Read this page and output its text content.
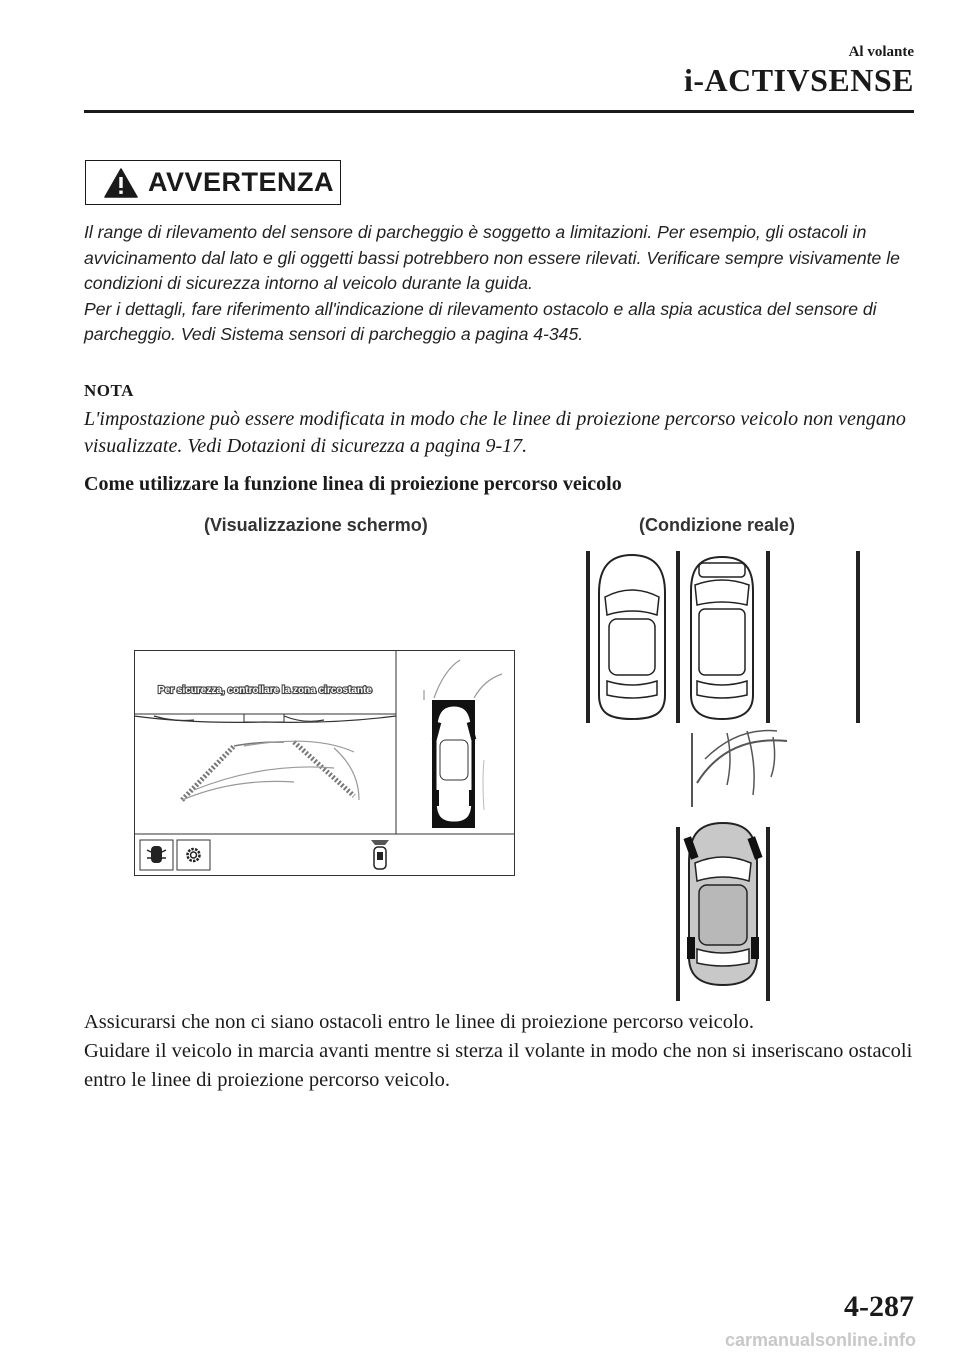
Al volante
i-ACTIVSENSE
AVVERTENZA

Il range di rilevamento del sensore di parcheggio è soggetto a limitazioni. Per esempio, gli ostacoli in avvicinamento dal lato e gli oggetti bassi potrebbero non essere rilevati. Verificare sempre visivamente le condizioni di sicurezza intorno al veicolo durante la guida.

Per i dettagli, fare riferimento all'indicazione di rilevamento ostacolo e alla spia acustica del sensore di parcheggio. Vedi Sistema sensori di parcheggio a pagina 4-345.

NOTA
L'impostazione può essere modificata in modo che le linee di proiezione percorso veicolo non vengano visualizzate. Vedi Dotazioni di sicurezza a pagina 9-17.
Come utilizzare la funzione linea di proiezione percorso veicolo
(Visualizzazione schermo)	(Condizione reale)
Per sicurezza, controllare la zona circostante

Assicurarsi che non ci siano ostacoli entro le linee di proiezione percorso veicolo.

Guidare il veicolo in marcia avanti mentre si sterza il volante in modo che non si inseriscano ostacoli entro le linee di proiezione percorso veicolo.

4-287
carmanualsonline.info
